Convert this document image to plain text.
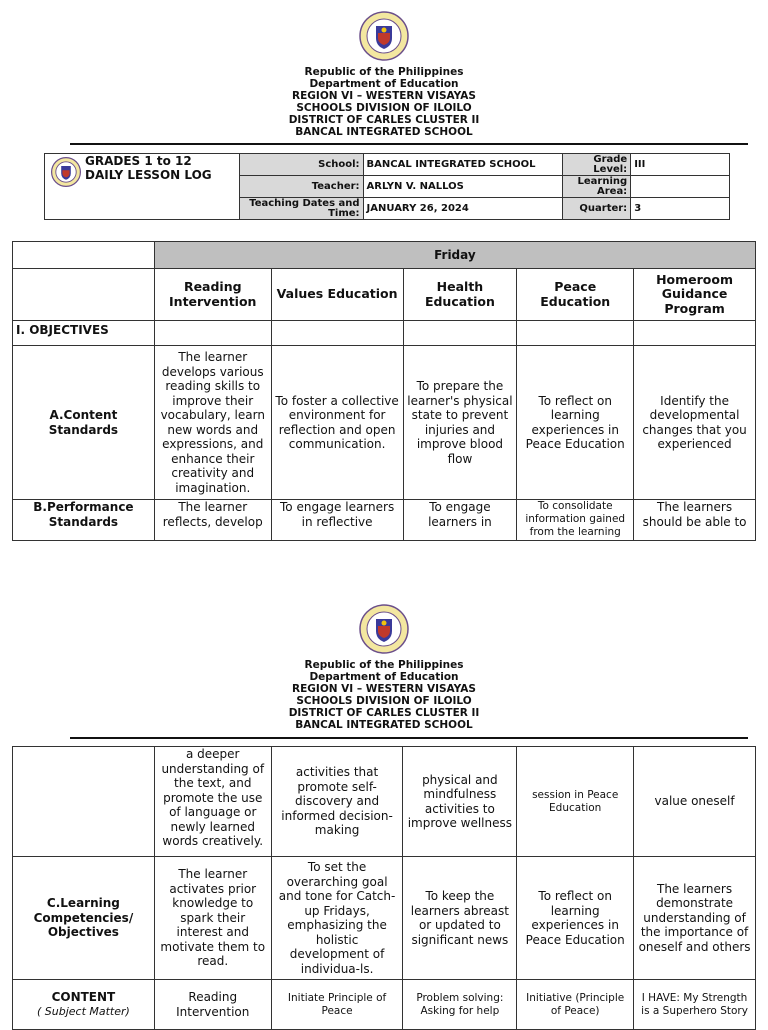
Republic of the Philippines
Department of Education
REGION VI – WESTERN VISAYAS
SCHOOLS DIVISION OF ILOILO
DISTRICT OF CARLES CLUSTER II
BANCAL INTEGRATED SCHOOL
GRADES 1 to 12
DAILY LESSON LOG	School:	BANCAL INTEGRATED SCHOOL	Grade Level:	III
	Teacher:	ARLYN V. NALLOS	Learning Area:	
	Teaching Dates and Time:	JANUARY 26, 2024	Quarter:	3
	Friday				
	Reading Intervention	Values Education	Health Education	Peace Education	Homeroom Guidance Program
I. OBJECTIVES					
A.Content Standards	The learner develops various reading skills to improve their vocabulary, learn new words and expressions, and enhance their creativity and imagination.	To foster a collective environment for reflection and open communication.	To prepare the learner's physical state to prevent injuries and improve blood flow	To reflect on learning experiences in Peace Education	Identify the developmental changes that you experienced
B.Performance Standards	The learner reflects, develop	To engage learners in reflective	To engage learners in	To consolidate information gained from the learning	The learners should be able to
Republic of the Philippines
Department of Education
REGION VI – WESTERN VISAYAS
SCHOOLS DIVISION OF ILOILO
DISTRICT OF CARLES CLUSTER II
BANCAL INTEGRATED SCHOOL
	a deeper understanding of the text, and promote the use of language or newly learned words creatively.	activities that promote self-discovery and informed decision-making	physical and mindfulness activities to improve wellness	session in Peace Education	value oneself
C.Learning Competencies/ Objectives	The learner activates prior knowledge to spark their interest and motivate them to read.	To set the overarching goal and tone for Catch-up Fridays, emphasizing the holistic development of individua-ls.	To keep the learners abreast or updated to significant news	To reflect on learning experiences in Peace Education	The learners demonstrate understanding of the importance of oneself and others

CONTENT
( Subject Matter)	Reading Intervention	Initiate Principle of Peace	Problem solving: Asking for help	Initiative (Principle of Peace)	I HAVE: My Strength is a Superhero Story
